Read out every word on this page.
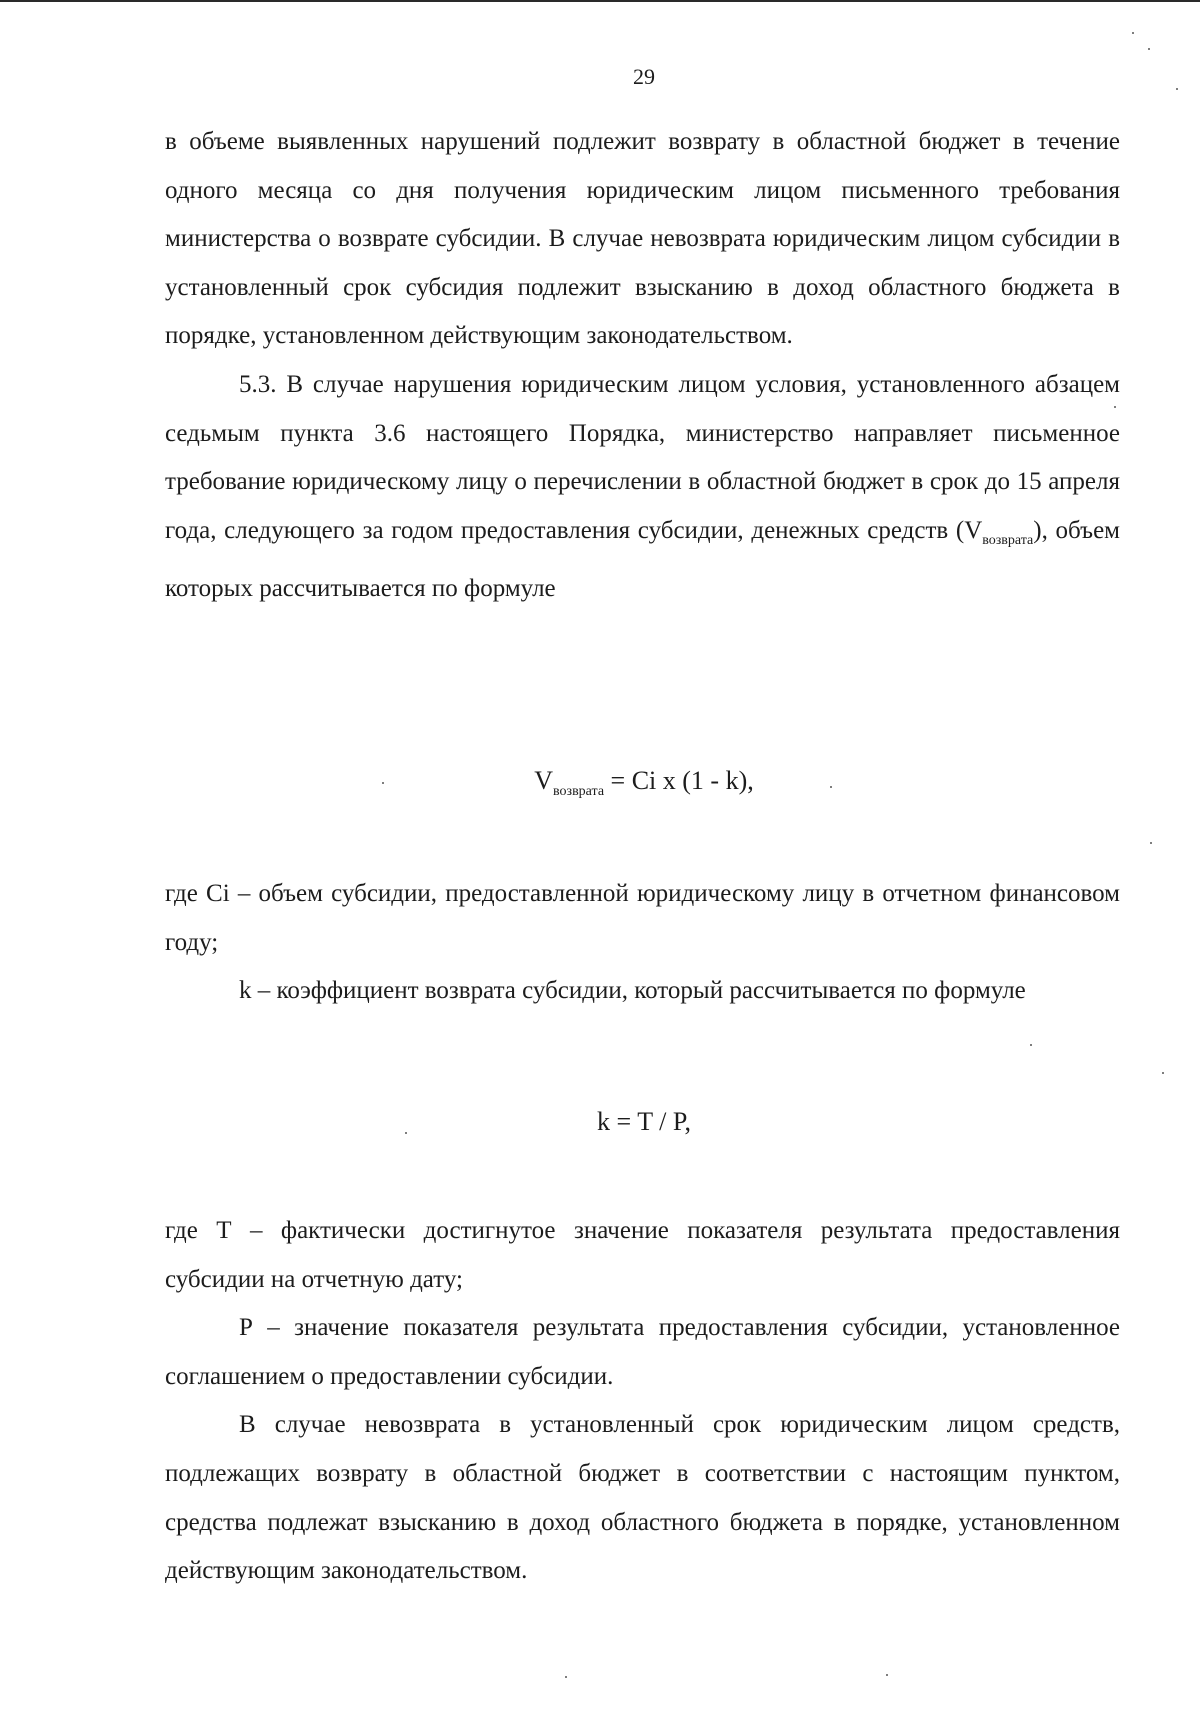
29

в объеме выявленных нарушений подлежит возврату в областной бюджет в течение одного месяца со дня получения юридическим лицом письменного требования министерства о возврате субсидии. В случае невозврата юридическим лицом субсидии в установленный срок субсидия подлежит взысканию в доход областного бюджета в порядке, установленном действующим законодательством.

5.3. В случае нарушения юридическим лицом условия, установленного абзацем седьмым пункта 3.6 настоящего Порядка, министерство направляет письменное требование юридическому лицу о перечислении в областной бюджет в срок до 15 апреля года, следующего за годом предоставления субсидии, денежных средств $(V_{возврата})$, объем которых рассчитывается по формуле

$V_{возврата} = Ci$ x (1 - k),

где Ci – объем субсидии, предоставленной юридическому лицу в отчетном финансовом году;

k – коэффициент возврата субсидии, который рассчитывается по формуле

k = T / P,

где Т – фактически достигнутое значение показателя результата предоставления субсидии на отчетную дату;

Р – значение показателя результата предоставления субсидии, установленное соглашением о предоставлении субсидии.

В случае невозврата в установленный срок юридическим лицом средств, подлежащих возврату в областной бюджет в соответствии с настоящим пунктом, средства подлежат взысканию в доход областного бюджета в порядке, установленном действующим законодательством.
